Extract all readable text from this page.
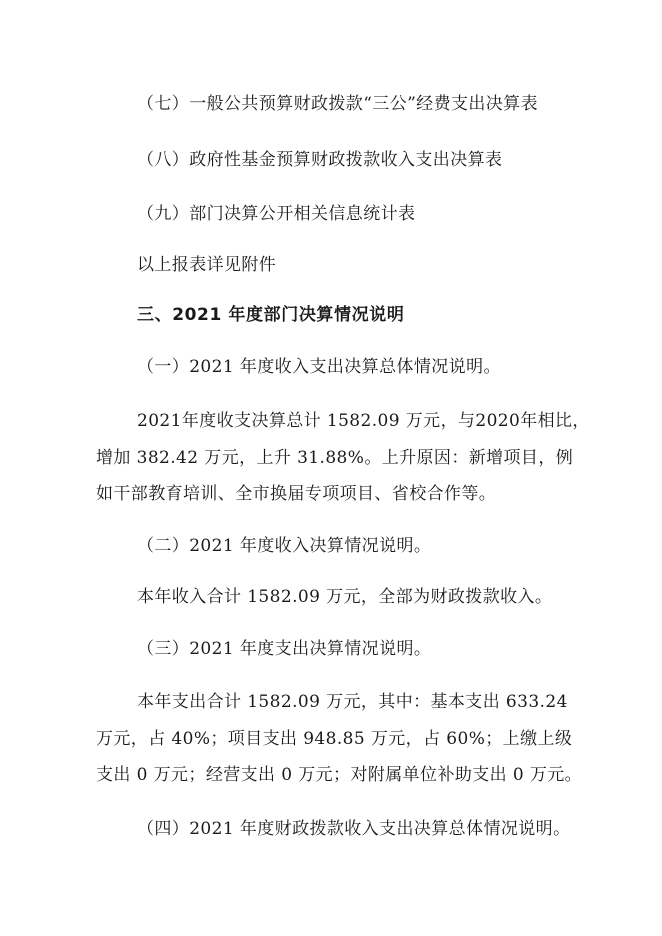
（七）一般公共预算财政拨款“三公”经费支出决算表
（八）政府性基金预算财政拨款收入支出决算表
（九）部门决算公开相关信息统计表
以上报表详见附件
三、2021 年度部门决算情况说明
（一）2021 年度收入支出决算总体情况说明。
2021年度收支决算总计 1582.09 万元，与2020年相比，
增加 382.42 万元，上升 31.88%。上升原因：新增项目，例
如干部教育培训、全市换届专项项目、省校合作等。
（二）2021 年度收入决算情况说明。
本年收入合计 1582.09 万元，全部为财政拨款收入。
（三）2021 年度支出决算情况说明。
本年支出合计 1582.09 万元，其中：基本支出 633.24
万元，占 40%；项目支出 948.85 万元，占 60%；上缴上级
支出 0 万元；经营支出 0 万元；对附属单位补助支出 0 万元。
（四）2021 年度财政拨款收入支出决算总体情况说明。
